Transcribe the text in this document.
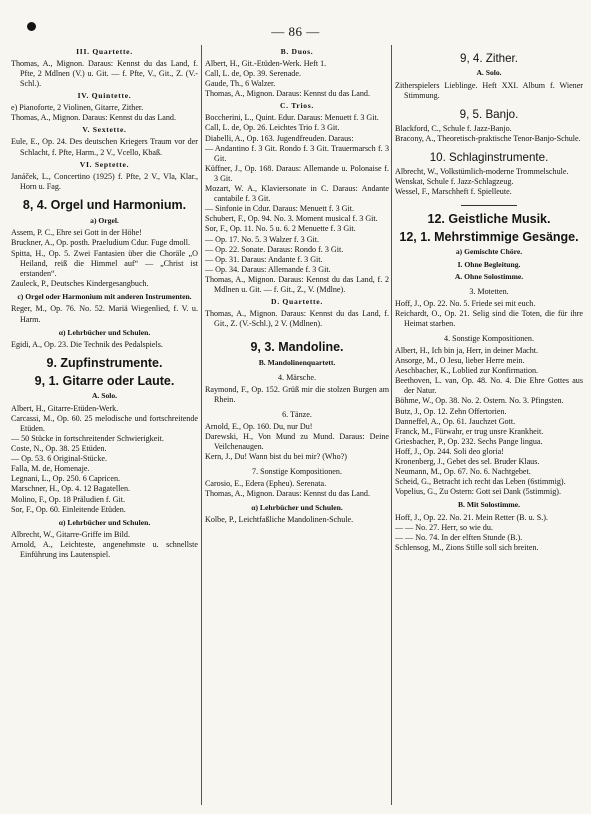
— 86 —
III. Quartette.
Thomas, A., Mignon. Daraus: Kennst du das Land, f. Pfte, 2 Mdlnen (V.) u. Git. — f. Pfte, V., Git., Z. (V.-Schl.).
IV. Quintette.
e) Pianoforte, 2 Violinen, Gitarre, Zither.
Thomas, A., Mignon. Daraus: Kennst du das Land.
V. Sextette.
Eule, E., Op. 24. Des deutschen Kriegers Traum vor der Schlacht, f. Pfte, Harm., 2 V., Vcello, Kbaß.
VI. Septette.
Janáček, L., Concertino (1925) f. Pfte, 2 V., Vla, Klar., Horn u. Fag.
8, 4. Orgel und Harmonium.
a) Orgel.
Assem, P. C., Ehre sei Gott in der Höhe!
Bruckner, A., Op. posth. Praeludium Cdur. Fuge dmoll.
Spitta, H., Op. 5. Zwei Fantasien über die Choräle „O Heiland, reiß die Himmel auf“ — „Christ ist erstanden“.
Zauleck, P., Deutsches Kindergesangbuch.
c) Orgel oder Harmonium mit anderen Instrumenten.
Reger, M., Op. 76. No. 52. Mariä Wiegenlied, f. V. u. Harm.
α) Lehrbücher und Schulen.
Egidi, A., Op. 23. Die Technik des Pedalspiels.
9. Zupfinstrumente.
9, 1. Gitarre oder Laute.
A. Solo.
Albert, H., Gitarre-Etüden-Werk.
Carcassi, M., Op. 60. 25 melodische und fortschreitende Etüden.
— 50 Stücke in fortschreitender Schwierigkeit.
Coste, N., Op. 38. 25 Etüden.
— Op. 53. 6 Original-Stücke.
Falla, M. de, Homenaje.
Legnani, L., Op. 250. 6 Capricen.
Marschner, H., Op. 4. 12 Bagatellen.
Molino, F., Op. 18 Präludien f. Git.
Sor, F., Op. 60. Einleitende Etüden.
α) Lehrbücher und Schulen.
Albrecht, W., Gitarre-Griffe im Bild.
Arnold, A., Leichteste, angenehmste u. schnellste Einführung ins Lautenspiel.
B. Duos.
Albert, H., Git.-Etüden-Werk. Heft 1.
Call, L. de, Op. 39. Serenade.
Gaude, Th., 6 Walzer.
Thomas, A., Mignon. Daraus: Kennst du das Land.
C. Trios.
Boccherini, L., Quint. Edur. Daraus: Menuett f. 3 Git.
Call, L. de, Op. 26. Leichtes Trio f. 3 Git.
Diabelli, A., Op. 163. Jugendfreuden. Daraus:
— Andantino f. 3 Git. Rondo f. 3 Git. Trauermarsch f. 3 Git.
Küffner, J., Op. 168. Daraus: Allemande u. Polonaise f. 3 Git.
Mozart, W. A., Klaviersonate in C. Daraus: Andante cantabile f. 3 Git.
— Sinfonie in Cdur. Daraus: Menuett f. 3 Git.
Schubert, F., Op. 94. No. 3. Moment musical f. 3 Git.
Sor, F., Op. 11. No. 5 u. 6. 2 Menuette f. 3 Git.
— Op. 17. No. 5. 3 Walzer f. 3 Git.
— Op. 22. Sonate. Daraus: Rondo f. 3 Git.
— Op. 31. Daraus: Andante f. 3 Git.
— Op. 34. Daraus: Allemande f. 3 Git.
Thomas, A., Mignon. Daraus: Kennst du das Land, f. 2 Mdlnen u. Git. — f. Git., Z., V. (Mdlne).
D. Quartette.
Thomas, A., Mignon. Daraus: Kennst du das Land, f. Git., Z. (V.-Schl.), 2 V. (Mdlnen).
9, 3. Mandoline.
B. Mandolinenquartett.
4. Märsche.
Raymond, F., Op. 152. Grüß mir die stolzen Burgen am Rhein.
6. Tänze.
Arnold, E., Op. 160. Du, nur Du!
Darewski, H., Von Mund zu Mund. Daraus: Deine Veilchenaugen.
Kern, J., Du! Wann bist du bei mir? (Who?)
7. Sonstige Kompositionen.
Carosio, E., Edera (Epheu). Serenata.
Thomas, A., Mignon. Daraus: Kennst du das Land.
α) Lehrbücher und Schulen.
Kolbe, P., Leichtfaßliche Mandolinen-Schule.
9, 4. Zither.
A. Solo.
Zitherspielers Lieblinge. Heft XXI. Album f. Wiener Stimmung.
9, 5. Banjo.
Blackford, C., Schule f. Jazz-Banjo.
Bracony, A., Theoretisch-praktische Tenor-Banjo-Schule.
10. Schlaginstrumente.
Albrecht, W., Volkstümlich-moderne Trommelschule.
Wenskat, Schule f. Jazz-Schlagzeug.
Wessel, F., Marschheft f. Spielleute.
12. Geistliche Musik.
12, 1. Mehrstimmige Gesänge.
a) Gemischte Chöre.
I. Ohne Begleitung.
A. Ohne Solostimme.
3. Motetten.
Hoff, J., Op. 22. No. 5. Friede sei mit euch.
Reichardt, O., Op. 21. Selig sind die Toten, die für ihre Heimat starben.
4. Sonstige Kompositionen.
Albert, H., Ich bin ja, Herr, in deiner Macht.
Ansorge, M., O Jesu, lieber Herre mein.
Aeschbacher, K., Loblied zur Konfirmation.
Beethoven, L. van, Op. 48. No. 4. Die Ehre Gottes aus der Natur.
Böhme, W., Op. 38. No. 2. Ostern. No. 3. Pfingsten.
Butz, J., Op. 12. Zehn Offertorien.
Danneffel, A., Op. 61. Jauchzet Gott.
Franck, M., Fürwahr, er trug unsre Krankheit.
Griesbacher, P., Op. 232. Sechs Pange lingua.
Hoff, J., Op. 244. Soli deo gloria!
Kronenberg, J., Gebet des sel. Bruder Klaus.
Neumann, M., Op. 67. No. 6. Nachtgebet.
Scheid, G., Betracht ich recht das Leben (6stimmig).
Vopelius, G., Zu Ostern: Gott sei Dank (5stimmig).
B. Mit Solostimme.
Hoff, J., Op. 22. No. 21. Mein Retter (B. u. S.).
— — No. 27. Herr, so wie du.
— — No. 74. In der elften Stunde (B.).
Schlensog, M., Zions Stille soll sich breiten.
